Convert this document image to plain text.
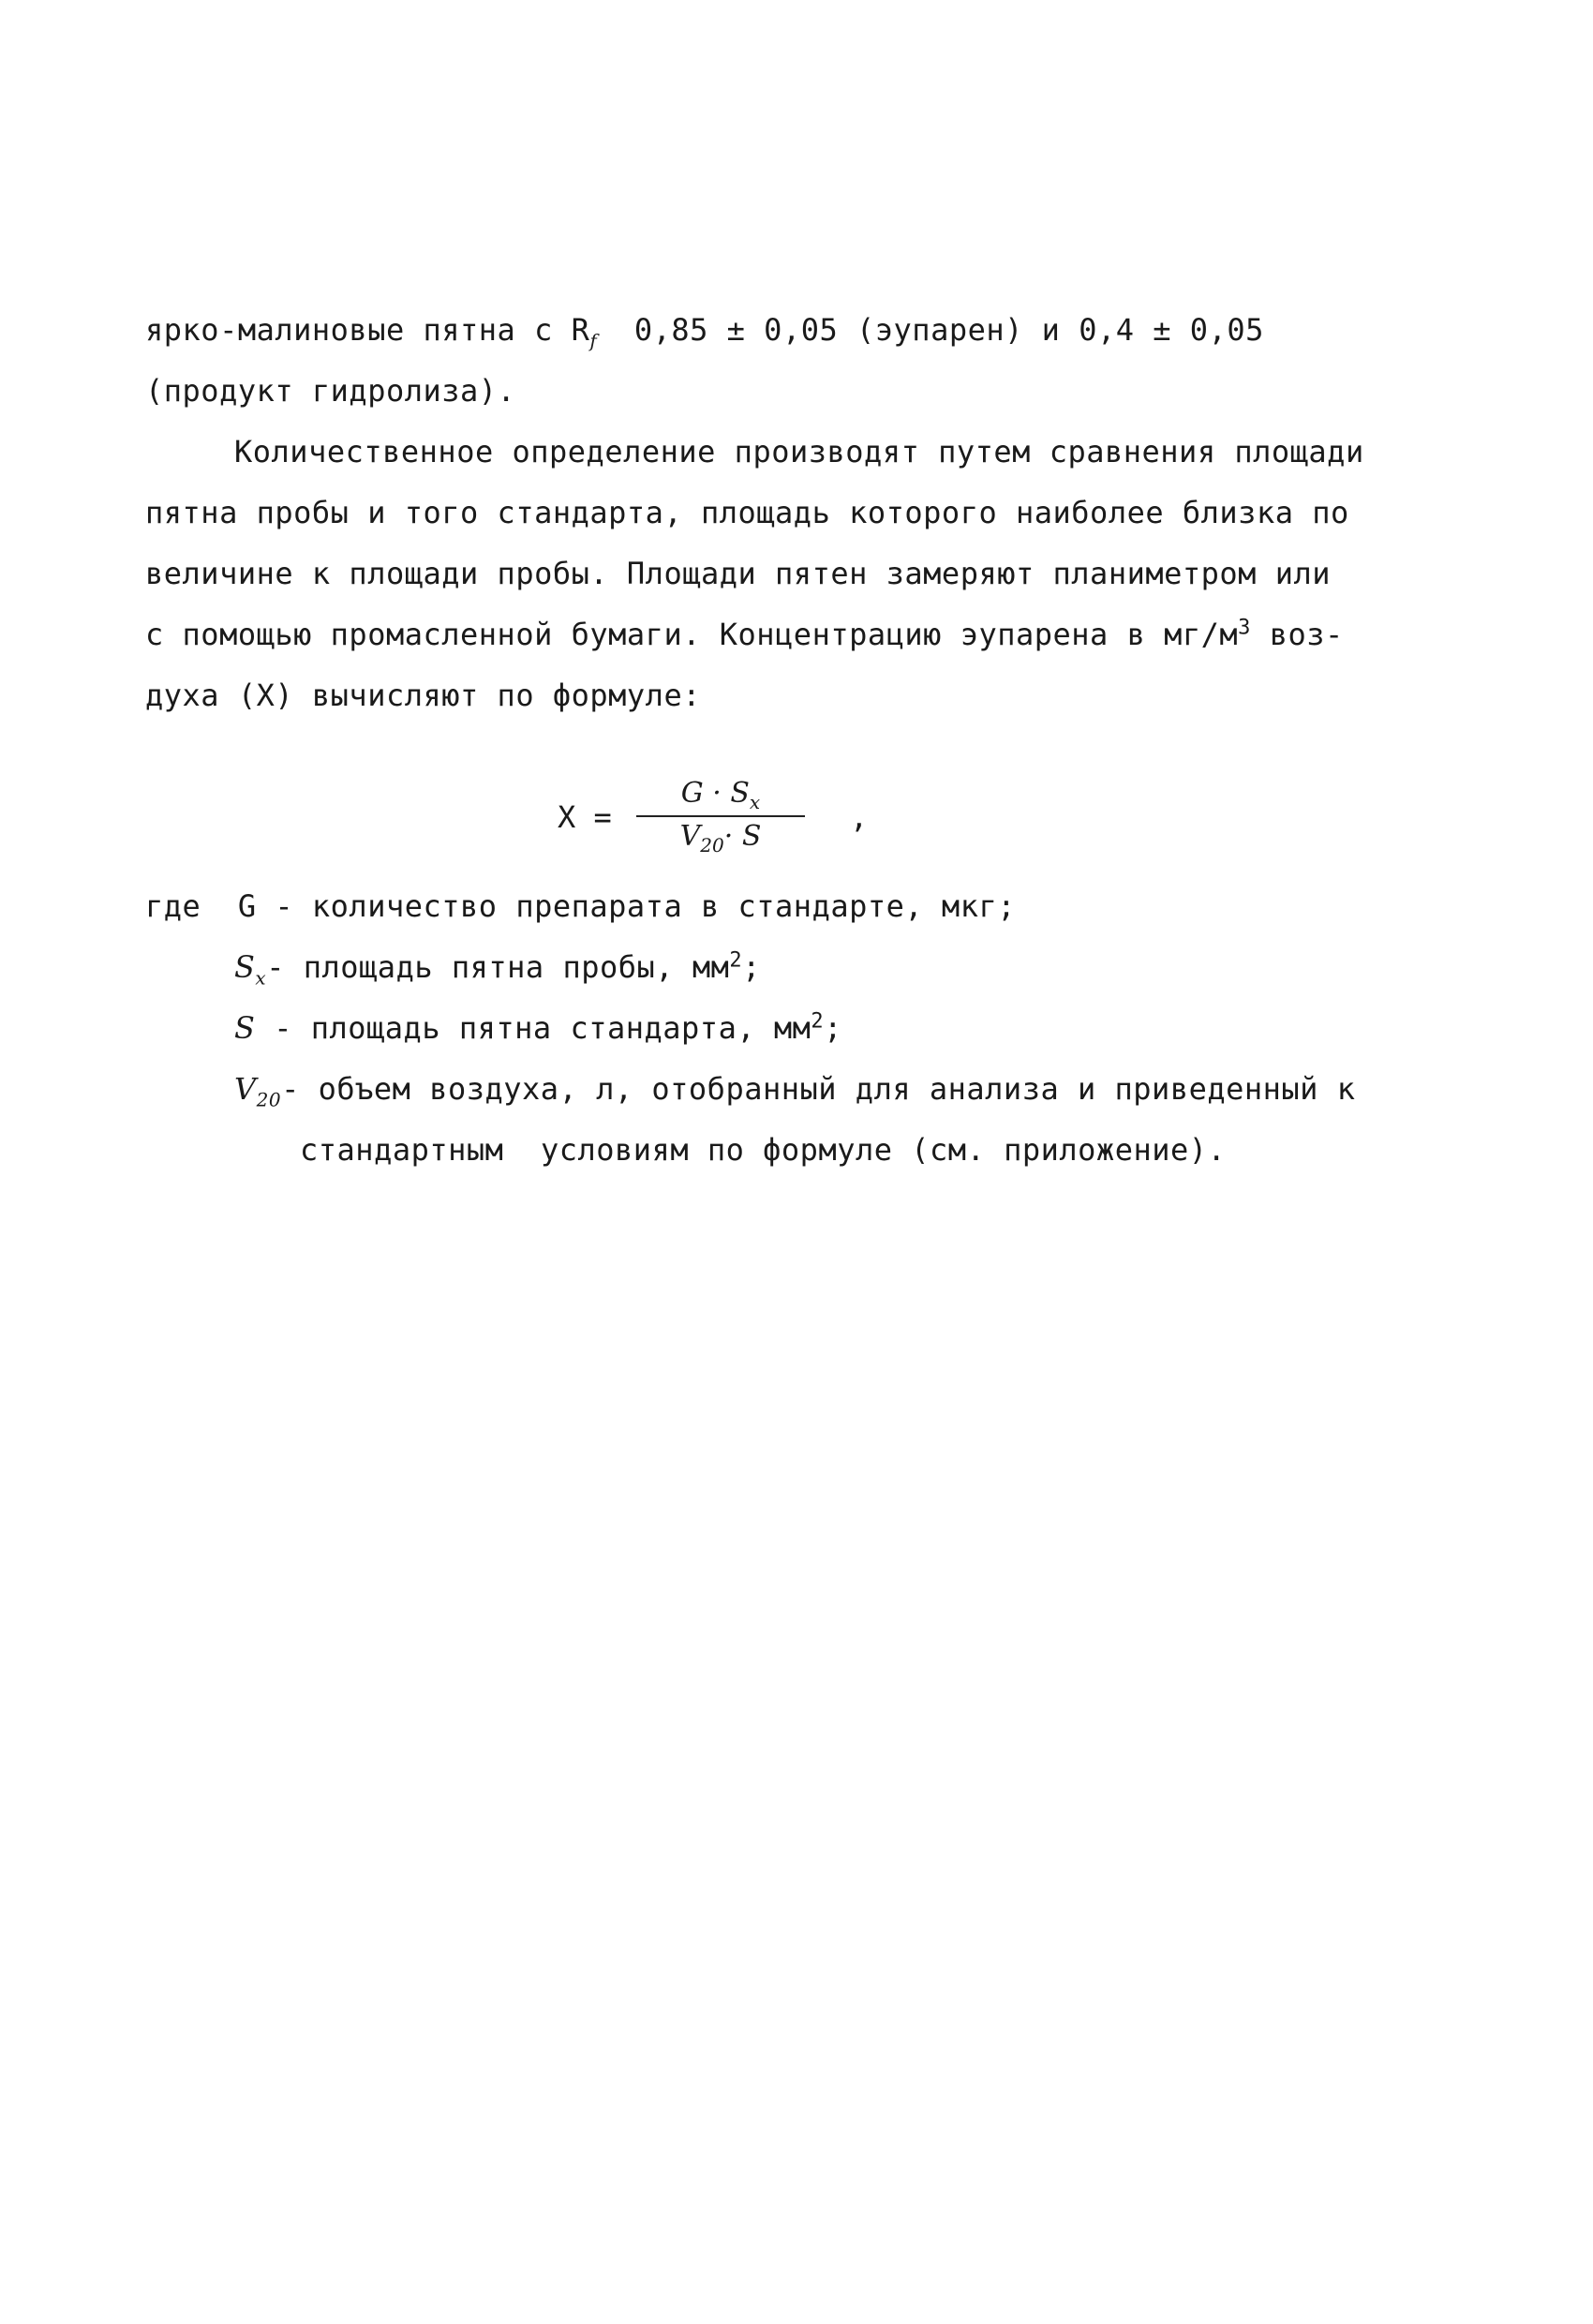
ярко-малиновые пятна с $R_f$  0,85 ± 0,05 (эупарен) и 0,4 ± 0,05
(продукт гидролиза).
Количественное определение производят путем сравнения площади
пятна пробы и того стандарта, площадь которого наиболее близка по
величине к площади пробы. Площади пятен замеряют планиметром или
с помощью промасленной бумаги. Концентрацию эупарена в $мг/м^3$ воз-
духа (X) вычисляют по формуле:
X =
$G \cdot S_x$
$V_{20}\cdot S$
,
где G - количество препарата в стандарте, мкг;
$S_x-$ площадь пятна пробы, $мм^2$;
S - площадь пятна стандарта, $мм^2$;
$V_{20}-$ объем воздуха, л, отобранный для анализа и приведенный к
стандартным  условиям по формуле (см. приложение).
